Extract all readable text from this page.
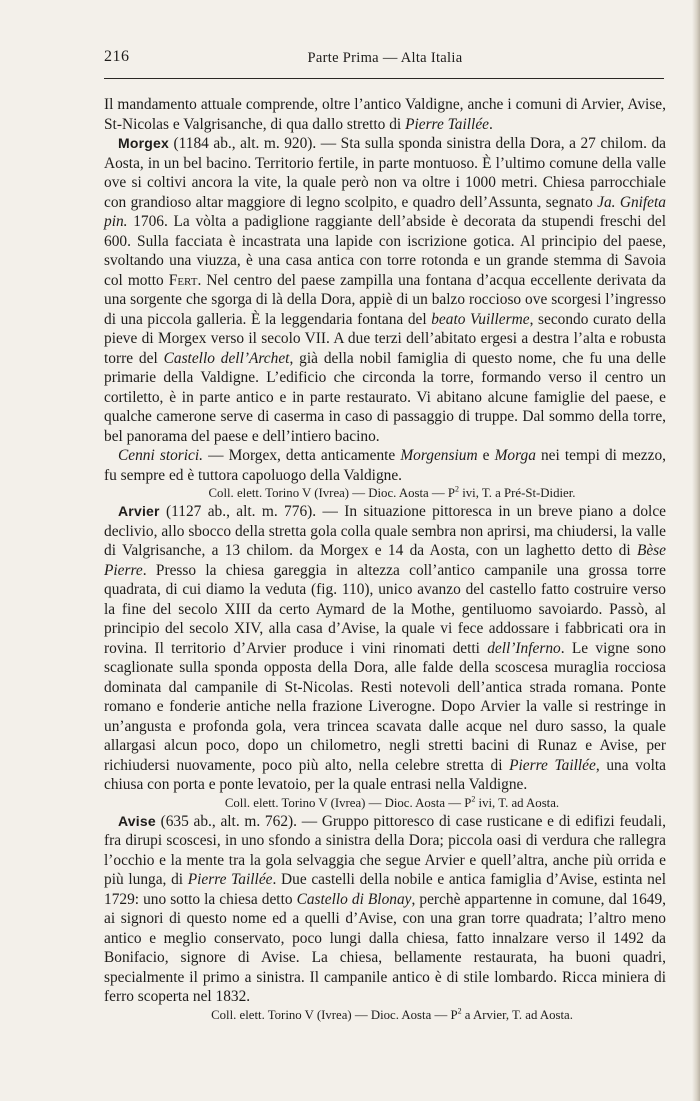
216	Parte Prima — Alta Italia

Il mandamento attuale comprende, oltre l’antico Valdigne, anche i comuni di Arvier, Avise, St-Nicolas e Valgrisanche, di qua dallo stretto di Pierre Taillée.

Morgex (1184 ab., alt. m. 920). — Sta sulla sponda sinistra della Dora, a 27 chilom. da Aosta, in un bel bacino. Territorio fertile, in parte montuoso. È l’ultimo comune della valle ove si coltivi ancora la vite, la quale però non va oltre i 1000 metri. Chiesa parrocchiale con grandioso altar maggiore di legno scolpito, e quadro dell’Assunta, segnato Ja. Gnifeta pin. 1706. La vòlta a padiglione raggiante dell’abside è decorata da stupendi freschi del 600. Sulla facciata è incastrata una lapide con iscrizione gotica. Al principio del paese, svoltando una viuzza, è una casa antica con torre rotonda e un grande stemma di Savoia col motto Fert. Nel centro del paese zampilla una fontana d’acqua eccellente derivata da una sorgente che sgorga di là della Dora, appiè di un balzo roccioso ove scorgesi l’ingresso di una piccola galleria. È la leggendaria fontana del beato Vuillerme, secondo curato della pieve di Morgex verso il secolo VII. A due terzi dell’abitato ergesi a destra l’alta e robusta torre del Castello dell’Archet, già della nobil famiglia di questo nome, che fu una delle primarie della Valdigne. L’edificio che circonda la torre, formando verso il centro un cortiletto, è in parte antico e in parte restaurato. Vi abitano alcune famiglie del paese, e qualche camerone serve di caserma in caso di passaggio di truppe. Dal sommo della torre, bel panorama del paese e dell’intiero bacino.

Cenni storici. — Morgex, detta anticamente Morgensium e Morga nei tempi di mezzo, fu sempre ed è tuttora capoluogo della Valdigne.

Coll. elett. Torino V (Ivrea) — Dioc. Aosta — $P^2$ ivi, T. a Pré-St-Didier.

Arvier (1127 ab., alt. m. 776). — In situazione pittoresca in un breve piano a dolce declivio, allo sbocco della stretta gola colla quale sembra non aprirsi, ma chiudersi, la valle di Valgrisanche, a 13 chilom. da Morgex e 14 da Aosta, con un laghetto detto di Bèse Pierre. Presso la chiesa gareggia in altezza coll’antico campanile una grossa torre quadrata, di cui diamo la veduta (fig. 110), unico avanzo del castello fatto costruire verso la fine del secolo XIII da certo Aymard de la Mothe, gentiluomo savoiardo. Passò, al principio del secolo XIV, alla casa d’Avise, la quale vi fece addossare i fabbricati ora in rovina. Il territorio d’Arvier produce i vini rinomati detti dell’Inferno. Le vigne sono scaglionate sulla sponda opposta della Dora, alle falde della scoscesa muraglia rocciosa dominata dal campanile di St-Nicolas. Resti notevoli dell’antica strada romana. Ponte romano e fonderie antiche nella frazione Liverogne. Dopo Arvier la valle si restringe in un’angusta e profonda gola, vera trincea scavata dalle acque nel duro sasso, la quale allargasi alcun poco, dopo un chilometro, negli stretti bacini di Runaz e Avise, per richiudersi nuovamente, poco più alto, nella celebre stretta di Pierre Taillée, una volta chiusa con porta e ponte levatoio, per la quale entrasi nella Valdigne.

Coll. elett. Torino V (Ivrea) — Dioc. Aosta — $P^2$ ivi, T. ad Aosta.

Avise (635 ab., alt. m. 762). — Gruppo pittoresco di case rusticane e di edifizi feudali, fra dirupi scoscesi, in uno sfondo a sinistra della Dora; piccola oasi di verdura che rallegra l’occhio e la mente tra la gola selvaggia che segue Arvier e quell’altra, anche più orrida e più lunga, di Pierre Taillée. Due castelli della nobile e antica famiglia d’Avise, estinta nel 1729: uno sotto la chiesa detto Castello di Blonay, perchè appartenne in comune, dal 1649, ai signori di questo nome ed a quelli d’Avise, con una gran torre quadrata; l’altro meno antico e meglio conservato, poco lungi dalla chiesa, fatto innalzare verso il 1492 da Bonifacio, signore di Avise. La chiesa, bellamente restaurata, ha buoni quadri, specialmente il primo a sinistra. Il campanile antico è di stile lombardo. Ricca miniera di ferro scoperta nel 1832.

Coll. elett. Torino V (Ivrea) — Dioc. Aosta — $P^2$ a Arvier, T. ad Aosta.
